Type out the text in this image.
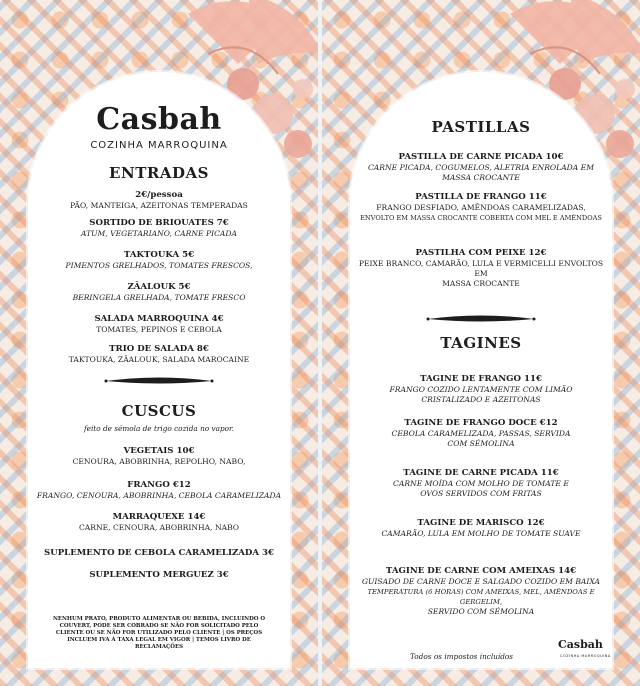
Casbah
COZINHA MARROQUINA
ENTRADAS
2€/pessoa
PÃO, MANTEIGA, AZEITONAS TEMPERADAS
SORTIDO DE BRIOUATES 7€
ATUM, VEGETARIANO, CARNE PICADA
TAKTOUKA 5€
PIMENTOS GRELHADOS, TOMATES FRESCOS,
ZÂALOUK 5€
BERINGELA GRELHADA, TOMATE FRESCO
SALADA MARROQUINA 4€
TOMATES, PEPINOS E CEBOLA
TRIO DE SALADA 8€
TAKTOUKA, ZÂALOUK, SALADA MAROCAINE
CUSCUS
feito de sémola de trigo cozida no vapor.
VEGETAIS 10€
CENOURA, ABOBRINHA, REPOLHO, NABO,
FRANGO €12
FRANGO, CENOURA, ABOBRINHA, CEBOLA CARAMELIZADA
MARRAQUEXE 14€
CARNE, CENOURA, ABOBRINHA, NABO
SUPLEMENTO DE CEBOLA CARAMELIZADA 3€
SUPLEMENTO MERGUEZ 3€
NENHUM PRATO, PRODUTO ALIMENTAR OU BEBIDA, INCLUINDO O COUVERT, PODE SER COBRADO SE NÃO FOR SOLICITADO PELO CLIENTE OU SE NÃO FOR UTILIZADO PELO CLIENTE | OS PREÇOS INCLUEM IVA À TAXA LEGAL EM VIGOR | TEMOS LIVRO DE RECLAMAÇÕES
PASTILLAS
PASTILLA DE CARNE PICADA 10€
CARNE PICADA, COGUMELOS, ALETRIA ENROLADA EM
MASSA CROCANTE
PASTILLA DE FRANGO 11€
FRANGO DESFIADO, AMÊNDOAS CARAMELIZADAS,
ENVOLTO EM MASSA CROCANTE COBERTA COM MEL E AMÊNDOAS
PASTILHA COM PEIXE 12€
PEIXE BRANCO, CAMARÃO, LULA E VERMICELLI ENVOLTOS EM
MASSA CROCANTE
TAGINES
TAGINE DE FRANGO 11€
FRANGO COZIDO LENTAMENTE COM LIMÃO
CRISTALIZADO E AZEITONAS
TAGINE DE FRANGO DOCE €12
CEBOLA CARAMELIZADA, PASSAS, SERVIDA
COM SÉMOLINA
TAGINE DE CARNE PICADA 11€
CARNE MOÍDA COM MOLHO DE TOMATE E
OVOS SERVIDOS COM FRITAS
TAGINE DE MARISCO 12€
CAMARÃO, LULA EM MOLHO DE TOMATE SUAVE
TAGINE DE CARNE COM AMEIXAS 14€
GUISADO DE CARNE DOCE E SALGADO COZIDO EM BAIXA
TEMPERATURA (6 HORAS) COM AMEIXAS, MEL, AMÊNDOAS E GERGELIM,
SERVIDO COM SÉMOLINA
Todos os impostos incluídos
Casbah
COZINHA MARROQUINA
